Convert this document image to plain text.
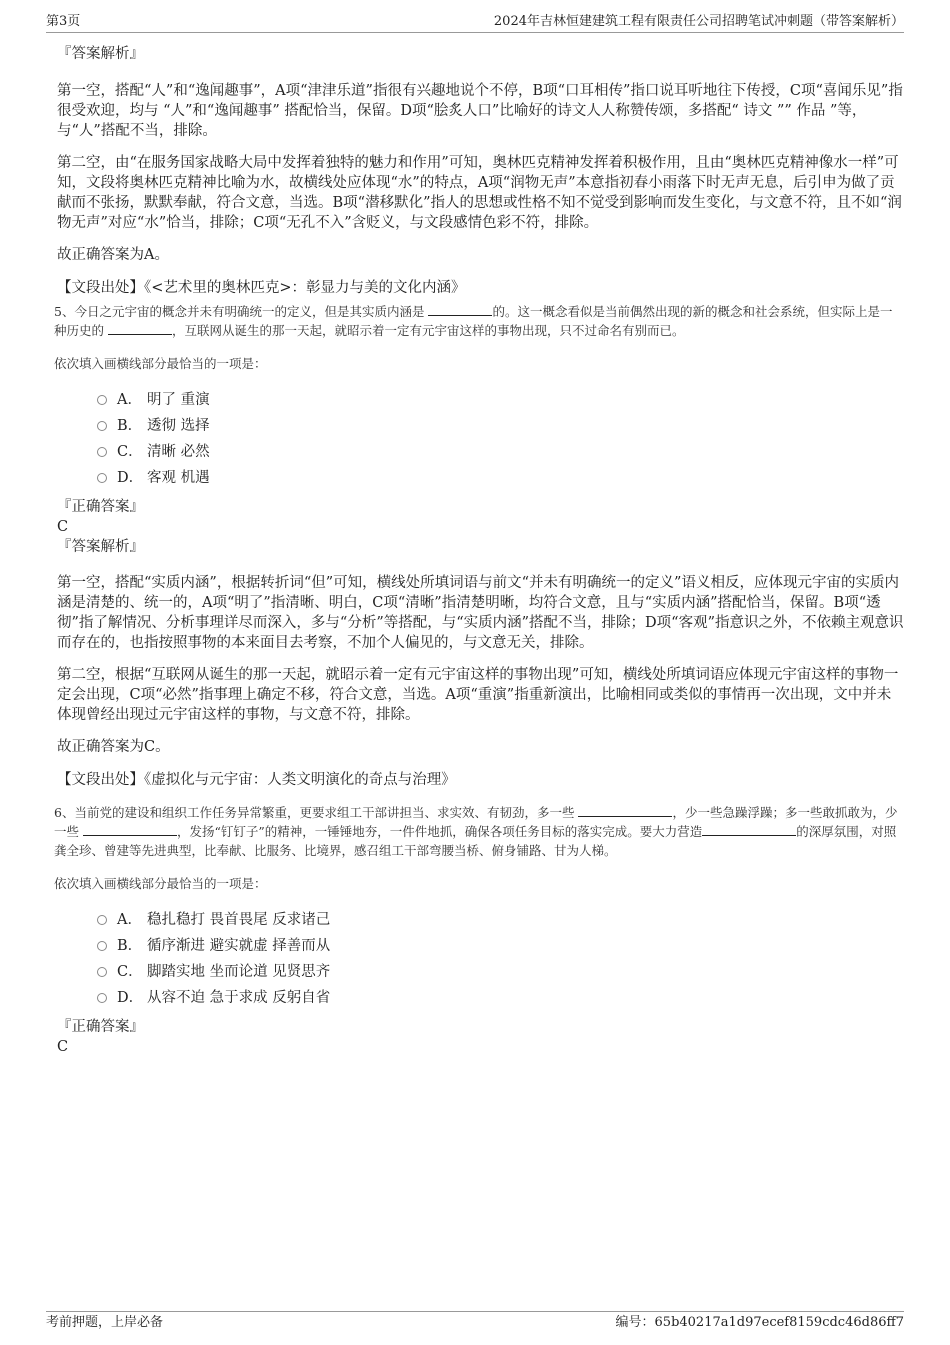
第3页	2024年吉林恒建建筑工程有限责任公司招聘笔试冲刺题（带答案解析）

『答案解析』

第一空，搭配“人”和“逸闻趣事”，A项“津津乐道”指很有兴趣地说个不停，B项“口耳相传”指口说耳听地往下传授，C项“喜闻乐见”指很受欢迎，均与 “人”和“逸闻趣事” 搭配恰当，保留。D项“脍炙人口”比喻好的诗文人人称赞传颂，多搭配“ 诗文 ”” 作品 ”等，与“人”搭配不当，排除。

第二空，由“在服务国家战略大局中发挥着独特的魅力和作用”可知，奥林匹克精神发挥着积极作用，且由“奥林匹克精神像水一样”可知，文段将奥林匹克精神比喻为水，故横线处应体现“水”的特点，A项“润物无声”本意指初春小雨落下时无声无息，后引申为做了贡献而不张扬，默默奉献，符合文意，当选。B项“潜移默化”指人的思想或性格不知不觉受到影响而发生变化，与文意不符，且不如“润物无声”对应“水”恰当，排除；C项“无孔不入”含贬义，与文段感情色彩不符，排除。

故正确答案为A。

【文段出处】《<艺术里的奥林匹克>：彰显力与美的文化内涵》

5、今日之元宇宙的概念并未有明确统一的定义，但是其实质内涵是	的。这一概念看似是当前偶然出现的新的概念和社会系统，但实际上是一种历史的	，互联网从诞生的那一天起，就昭示着一定有元宇宙这样的事物出现，只不过命名有别而已。

依次填入画横线部分最恰当的一项是：

A． 明了 重演
B． 透彻 选择
C． 清晰 必然
D． 客观 机遇

『正确答案』

C

『答案解析』

第一空，搭配“实质内涵”，根据转折词“但”可知，横线处所填词语与前文“并未有明确统一的定义”语义相反，应体现元宇宙的实质内涵是清楚的、统一的，A项“明了”指清晰、明白，C项“清晰”指清楚明晰，均符合文意，且与“实质内涵”搭配恰当，保留。B项“透彻”指了解情况、分析事理详尽而深入，多与“分析”等搭配，与“实质内涵”搭配不当，排除；D项“客观”指意识之外，不依赖主观意识而存在的，也指按照事物的本来面目去考察，不加个人偏见的，与文意无关，排除。

第二空，根据“互联网从诞生的那一天起，就昭示着一定有元宇宙这样的事物出现”可知，横线处所填词语应体现元宇宙这样的事物一定会出现，C项“必然”指事理上确定不移，符合文意，当选。A项“重演”指重新演出，比喻相同或类似的事情再一次出现，文中并未体现曾经出现过元宇宙这样的事物，与文意不符，排除。

故正确答案为C。

【文段出处】《虚拟化与元宇宙：人类文明演化的奇点与治理》

6、当前党的建设和组织工作任务异常繁重，更要求组工干部讲担当、求实效、有韧劲，多一些	，少一些急躁浮躁；多一些敢抓敢为，少一些	，发扬“钉钉子”的精神，一锤锤地夯，一件件地抓，确保各项任务目标的落实完成。要大力营造	的深厚氛围，对照龚全珍、曾建等先进典型，比奉献、比服务、比境界，感召组工干部弯腰当桥、俯身铺路、甘为人梯。

依次填入画横线部分最恰当的一项是：

A． 稳扎稳打 畏首畏尾 反求诸己
B． 循序渐进 避实就虚 择善而从
C． 脚踏实地 坐而论道 见贤思齐
D． 从容不迫 急于求成 反躬自省

『正确答案』

C

考前押题，上岸必备	编号：65b40217a1d97ecef8159cdc46d86ff7
